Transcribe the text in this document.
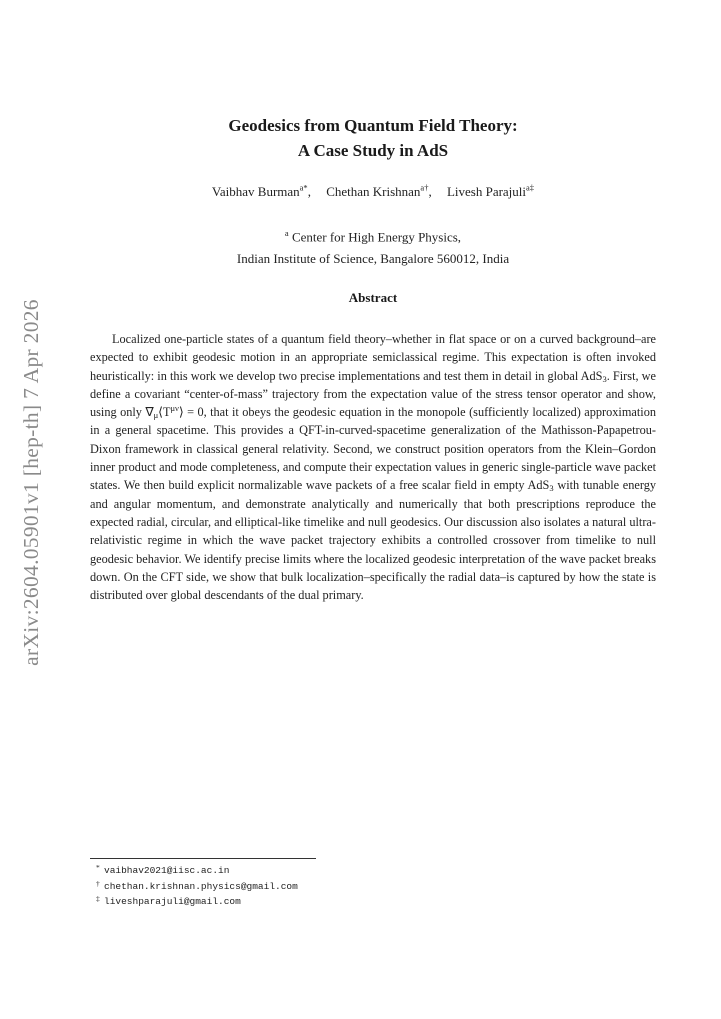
arXiv:2604.05901v1 [hep-th] 7 Apr 2026
Geodesics from Quantum Field Theory:
A Case Study in AdS
Vaibhav Burman$^{a*}$, Chethan Krishnan$^{a\dagger}$, Livesh Parajuli$^{a\ddagger}$
$^a$ Center for High Energy Physics,
Indian Institute of Science, Bangalore 560012, India
Abstract
Localized one-particle states of a quantum field theory–whether in flat space or on a curved background–are expected to exhibit geodesic motion in an appropriate semiclassical regime. This expectation is often invoked heuristically: in this work we develop two precise implementations and test them in detail in global AdS$_3$. First, we define a covariant “center-of-mass” trajectory from the expectation value of the stress tensor operator and show, using only $\nabla_\mu⟨T^{\mu\nu}⟩ = 0$, that it obeys the geodesic equation in the monopole (sufficiently localized) approximation in a general spacetime. This provides a QFT-in-curved-spacetime generalization of the Mathisson-Papapetrou-Dixon framework in classical general relativity. Second, we construct position operators from the Klein–Gordon inner product and mode completeness, and compute their expectation values in generic single-particle wave packet states. We then build explicit normalizable wave packets of a free scalar field in empty AdS$_3$ with tunable energy and angular momentum, and demonstrate analytically and numerically that both prescriptions reproduce the expected radial, circular, and elliptical-like timelike and null geodesics. Our discussion also isolates a natural ultra-relativistic regime in which the wave packet trajectory exhibits a controlled crossover from timelike to null geodesic behavior. We identify precise limits where the localized geodesic interpretation of the wave packet breaks down. On the CFT side, we show that bulk localization–specifically the radial data–is captured by how the state is distributed over global descendants of the dual primary.
* vaibhav2021@iisc.ac.in
† chethan.krishnan.physics@gmail.com
‡ liveshparajuli@gmail.com
